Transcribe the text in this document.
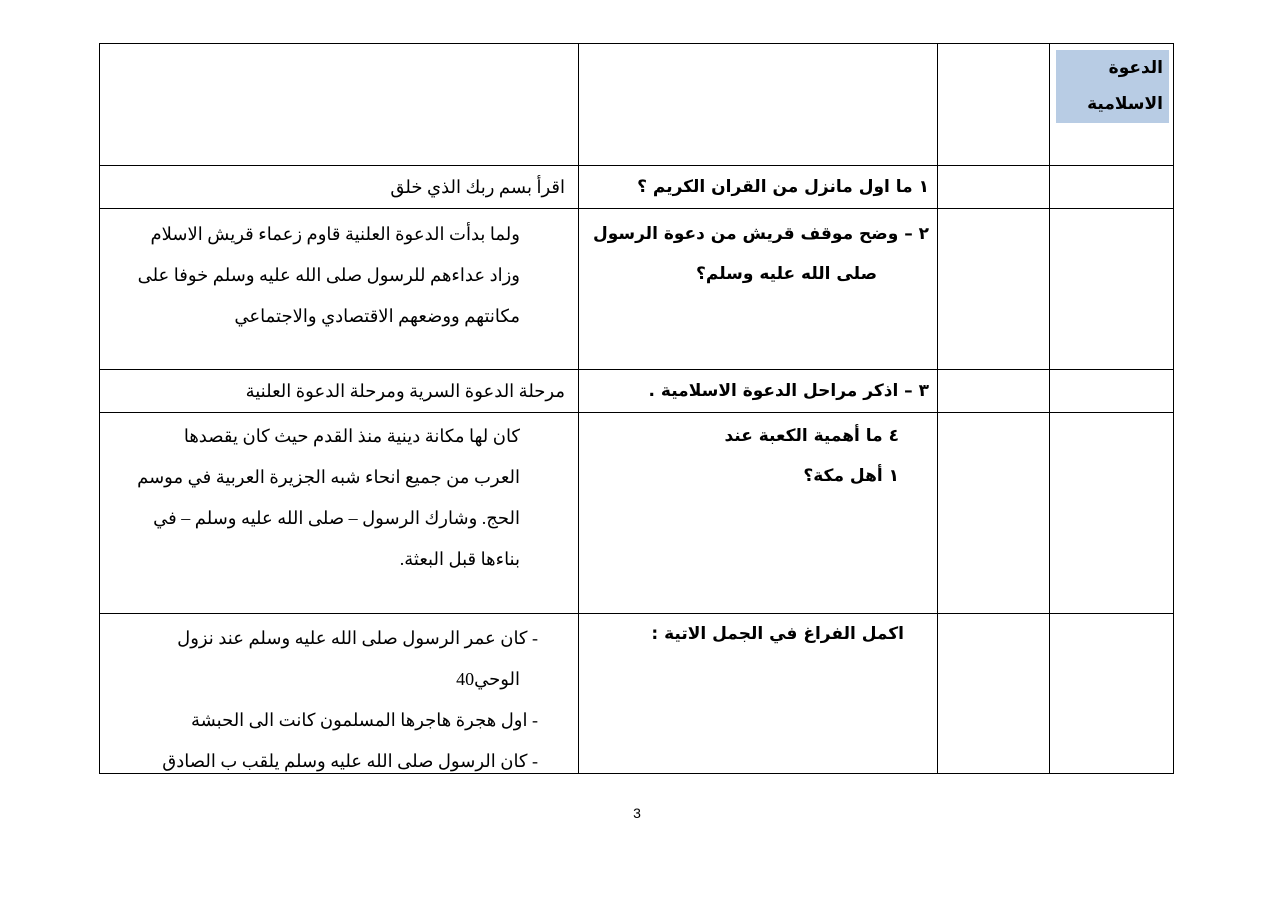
الدعوة
الاسلامية
١ ما اول مانزل من القران الكريم ؟
اقرأ بسم ربك الذي خلق
٢ – وضح موقف قريش من دعوة الرسول
صلى الله عليه وسلم؟
ولما بدأت الدعوة العلنية قاوم زعماء قريش الاسلام
وزاد عداءهم للرسول صلى الله عليه وسلم خوفا على
مكانتهم ووضعهم الاقتصادي والاجتماعي
٣ – اذكر مراحل الدعوة الاسلامية .
مرحلة الدعوة السرية ومرحلة الدعوة العلنية
٤ ما أهمية الكعبة عند
١ أهل مكة؟
كان لها مكانة دينية منذ القدم حيث كان يقصدها
العرب من جميع انحاء شبه الجزيرة العربية في موسم
الحج. وشارك الرسول – صلى الله عليه وسلم – في
بناءها قبل البعثة.
اكمل الفراغ في الجمل الاتية :
- كان عمر الرسول صلى الله عليه وسلم عند نزول
الوحي40
- اول هجرة هاجرها المسلمون كانت الى الحبشة
- كان الرسول صلى الله عليه وسلم يلقب ب الصادق
3
